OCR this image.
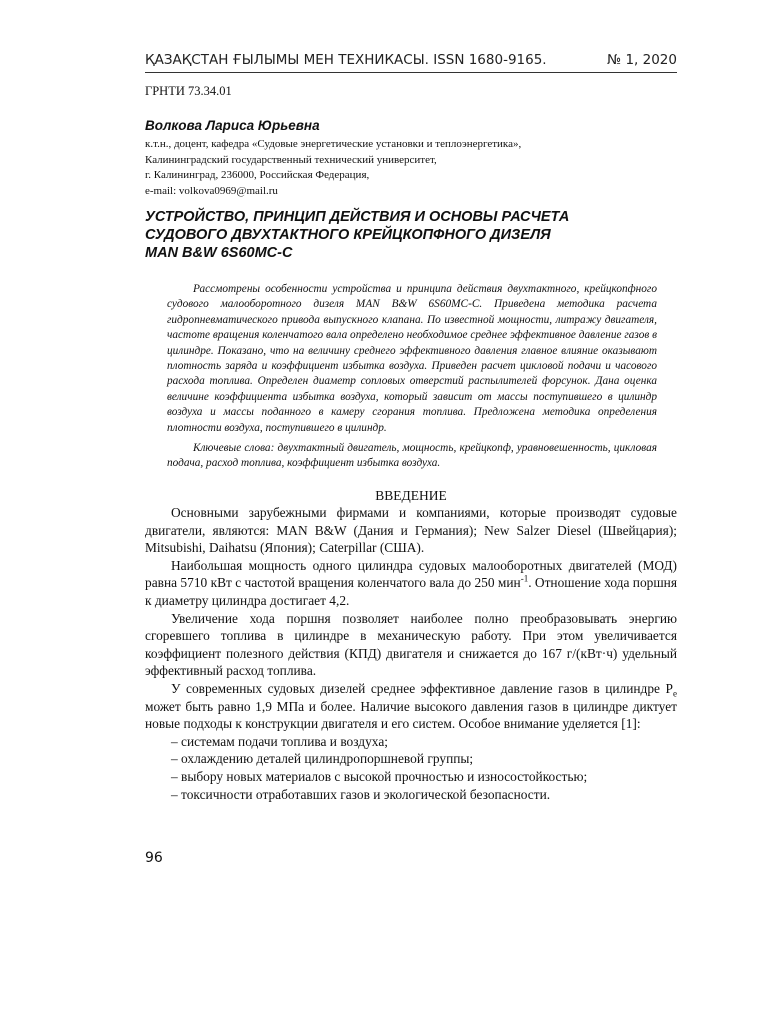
ҚАЗАҚСТАН ҒЫЛЫМЫ МЕН ТЕХНИКАСЫ. ISSN 1680-9165.	№ 1, 2020
ГРНТИ 73.34.01
Волкова Лариса Юрьевна
к.т.н., доцент, кафедра «Судовые энергетические установки и теплоэнергетика»,
Калининградский государственный технический университет,
г. Калининград, 236000, Российская Федерация,
e-mail: volkova0969@mail.ru
УСТРОЙСТВО, ПРИНЦИП ДЕЙСТВИЯ И ОСНОВЫ РАСЧЕТА
СУДОВОГО ДВУХТАКТНОГО КРЕЙЦКОПФНОГО ДИЗЕЛЯ
MAN B&W 6S60MC-C

Рассмотрены особенности устройства и принципа действия двухтактного, крейцкопфного судового малооборотного дизеля MAN B&W 6S60MC-C. Приведена методика расчета гидропневматического привода выпускного клапана. По известной мощности, литражу двигателя, частоте вращения коленчатого вала определено необходимое среднее эффективное давление газов в цилиндре. Показано, что на величину среднего эффективного давления главное влияние оказывают плотность заряда и коэффициент избытка воздуха. Приведен расчет цикловой подачи и часового расхода топлива. Определен диаметр сопловых отверстий распылителей форсунок. Дана оценка величине коэффициента избытка воздуха, который зависит от массы поступившего в цилиндр воздуха и массы поданного в камеру сгорания топлива. Предложена методика определения плотности воздуха, поступившего в цилиндр.

Ключевые слова: двухтактный двигатель, мощность, крейцкопф, уравновешенность, цикловая подача, расход топлива, коэффициент избытка воздуха.

ВВЕДЕНИЕ

Основными зарубежными фирмами и компаниями, которые производят судовые двигатели, являются: MAN B&W (Дания и Германия); New Salzer Diesel (Швейцария); Mitsubishi, Daihatsu (Япония); Caterpillar (США).

Наибольшая мощность одного цилиндра судовых малооборотных двигателей (МОД) равна 5710 кВт с частотой вращения коленчатого вала до 250 мин$^{-1}$. Отношение хода поршня к диаметру цилиндра достигает 4,2.

Увеличение хода поршня позволяет наиболее полно преобразовывать энергию сгоревшего топлива в цилиндре в механическую работу. При этом увеличивается коэффициент полезного действия (КПД) двигателя и снижается до 167 г/(кВт·ч) удельный эффективный расход топлива.

У современных судовых дизелей среднее эффективное давление газов в цилиндре $P_e$ может быть равно 1,9 МПа и более. Наличие высокого давления газов в цилиндре диктует новые подходы к конструкции двигателя и его систем. Особое внимание уделяется [1]:

– системам подачи топлива и воздуха;
– охлаждению деталей цилиндропоршневой группы;
– выбору новых материалов с высокой прочностью и износостойкостью;
– токсичности отработавших газов и экологической безопасности.
96
